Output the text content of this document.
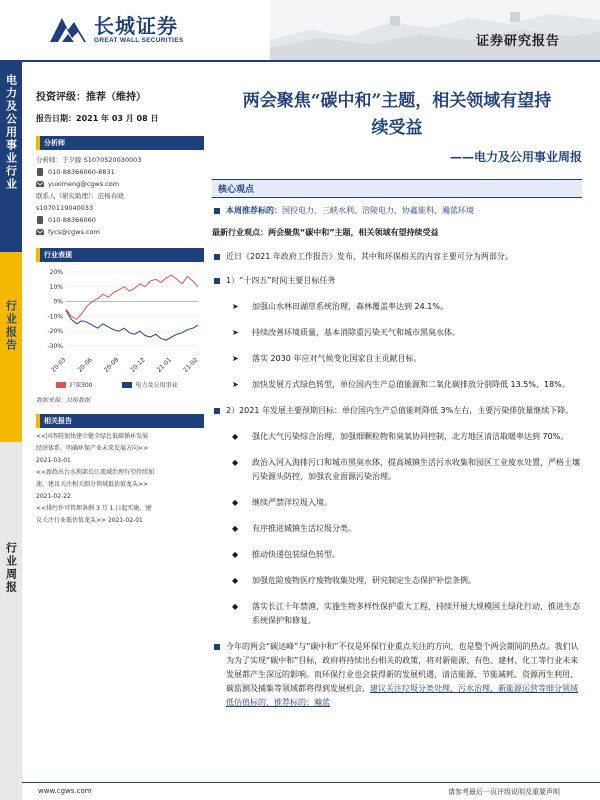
长城证券
GREAT WALL SECURITIES	证券研究报告
电力及公用事业行业
行业报告
行业周报
投资评级：推荐（维持）
报告日期：2021 年 03 月 08 日
分析师
分析师：于夕朦 S1070520030003
010-88366060-8831
yuximeng@cgws.com
联系人（研究助理）：范杨春晓
s1070119040033
010-88366060
fycs@cgws.com
行业表现
20%
10%
0%
-10%
-20%
-30%
20-03 20-06 20-09 20-12 21-01 21-02
沪深300	电力及公用事业
数据来源：贝格数据
相关报告
<<国务院加快建立健全绿色低碳循环发展
经济体系，明确环保产业未来发展方向>>
2021-03-01
<<新政出台水利部长江流域治理有望持续加
速，建议关注相关细分领域低估值龙头>>
2021-02-22
<<排污许可管理条例 3 月 1 日起实施，建
议关注行业低估值龙头>> 2021-02-01
两会聚焦“碳中和”主题，相关领域有望持
续受益
——电力及公用事业周报
核心观点
本周推荐标的：国投电力、三峡水利、涪陵电力、协鑫能科、瀚蓝环境
最新行业观点：两会聚焦“碳中和”主题，相关领域有望持续受益
近日《2021 年政府工作报告》发布，其中和环保相关的内容主要可分为两部分。
1）“十四五”时间主要目标任务
➤ 加强山水林田湖草系统治理，森林覆盖率达到 24.1%。
➤ 持续改善环境质量，基本消除重污染天气和城市黑臭水体。
➤ 落实 2030 年应对气候变化国家自主贡献目标。
➤ 加快发展方式绿色转型，单位国内生产总值能源和二氧化碳排放分别降低 13.5%、18%。
2）2021 年发展主要预期目标：单位国内生产总值能耗降低 3%左右，主要污染排放量继续下降。
◆ 强化大气污染综合治理，加强细颗粒物和臭氧协同控制，北方地区清洁取暖率达到 70%。
◆ 政治入河入海排污口和城市黑臭水体，提高城镇生活污水收集和园区工业废水处置，严格土壤污染源头防控，加强农业面源污染治理。
◆ 继续严禁洋垃圾入境。
◆ 有序推进城镇生活垃圾分类。
◆ 推动快递包装绿色转型。
◆ 加强危险废物医疗废物收集处理，研究制定生态保护补偿条例。
◆ 落实长江十年禁渔，实施生物多样性保护重大工程，持续开展大规模国土绿化行动，推进生态系统保护和修复。
今年的两会“碳达峰”与“碳中和”不仅是环保行业重点关注的方向，也是整个两会期间的热点。我们认为为了实现“碳中和”目标，政府将持续出台相关的政策，将对新能源、有色、建材、化工等行业未来发展都产生深远的影响。而环保行业也会获得新的发展机遇，清洁能源、节能减耗、资源再生利用、碳监测及捕集等领域都将得到发展机会，建议关注垃圾分类处理、污水治理、新能源运营等细分领域低估值标的，推荐标的：瀚蓝
www.cgws.com	请参考最后一页评级说明及重要声明
